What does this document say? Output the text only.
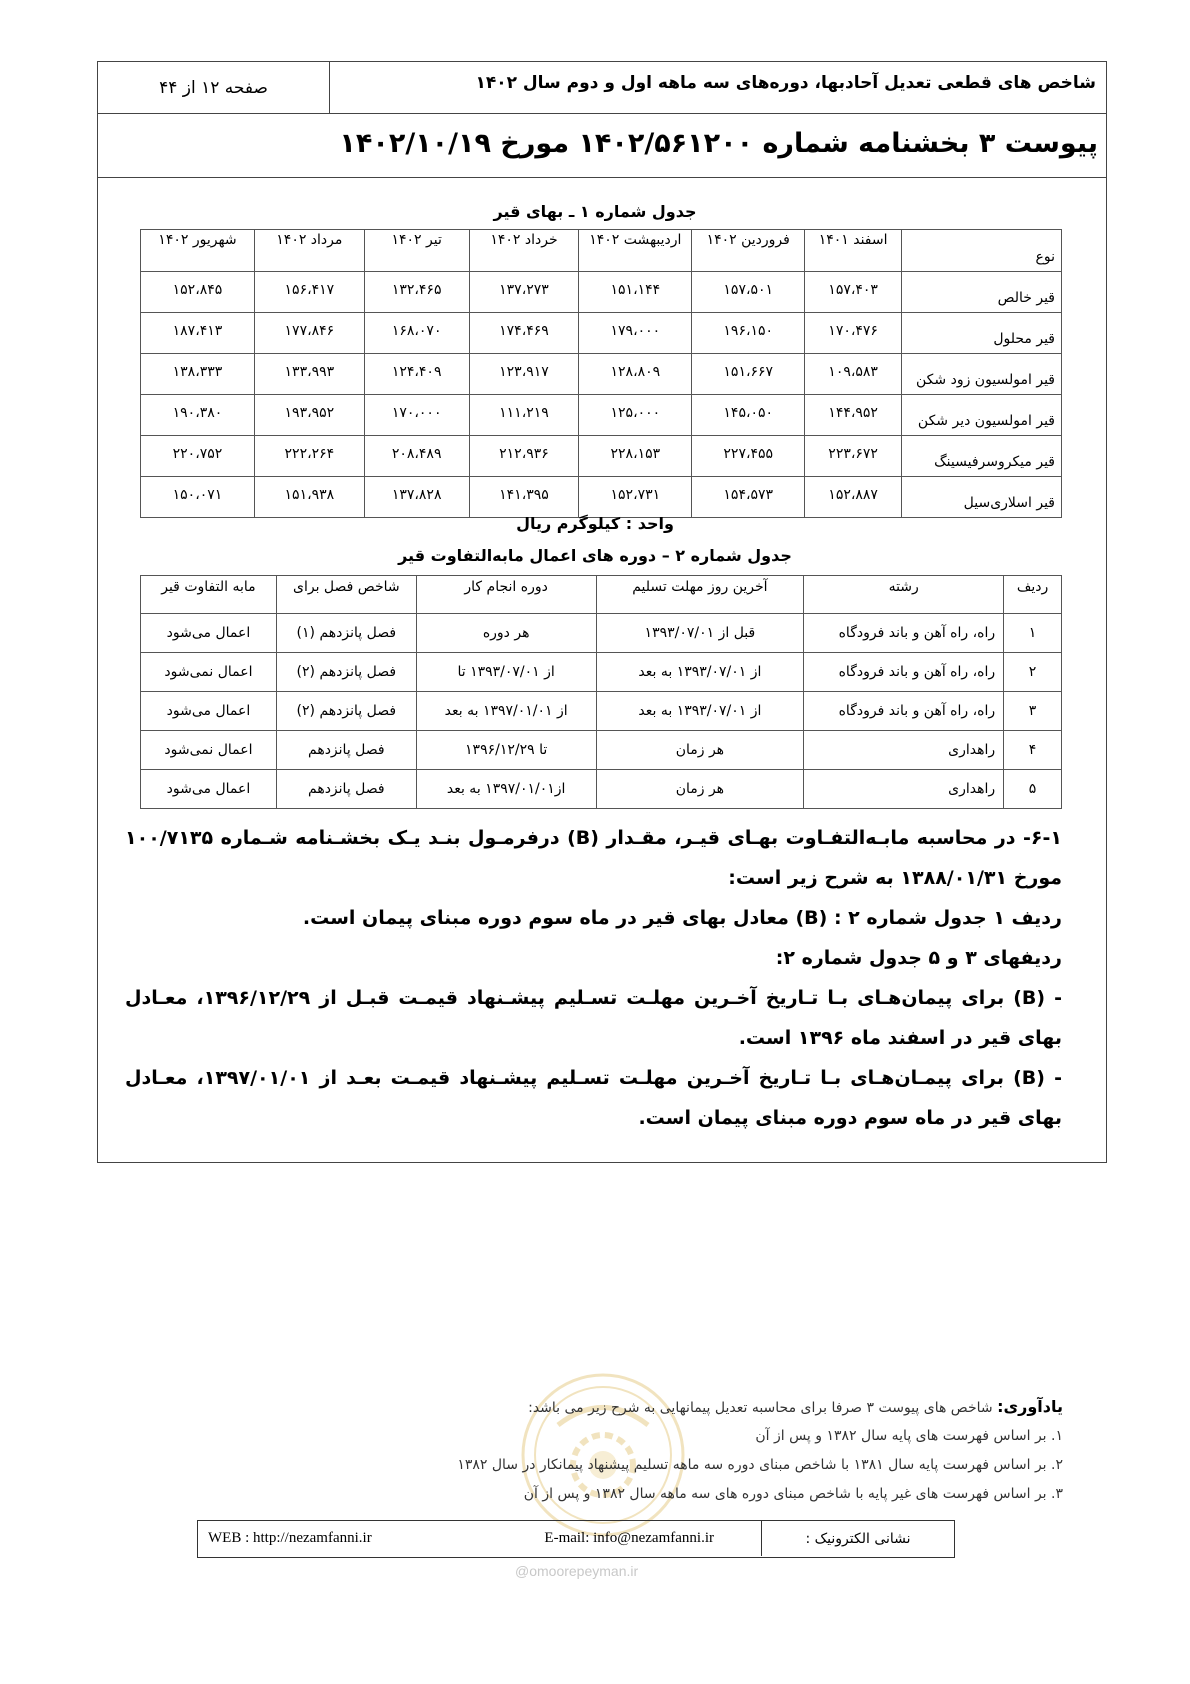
شاخص های قطعی تعدیل آحادبها، دوره‌های سه ماهه اول و دوم سال ۱۴۰۲
صفحه ۱۲ از ۴۴
پیوست ۳ بخشنامه شماره ۱۴۰۲/۵۶۱۲۰۰ مورخ ۱۴۰۲/۱۰/۱۹
جدول شماره ۱ ـ بهای قیر
نوع	اسفند ۱۴۰۱	فروردین ۱۴۰۲	اردیبهشت ۱۴۰۲	خرداد ۱۴۰۲	تیر ۱۴۰۲	مرداد ۱۴۰۲	شهریور ۱۴۰۲
قیر خالص	۱۵۷،۴۰۳	۱۵۷،۵۰۱	۱۵۱،۱۴۴	۱۳۷،۲۷۳	۱۳۲،۴۶۵	۱۵۶،۴۱۷	۱۵۲،۸۴۵
قیر محلول	۱۷۰،۴۷۶	۱۹۶،۱۵۰	۱۷۹،۰۰۰	۱۷۴،۴۶۹	۱۶۸،۰۷۰	۱۷۷،۸۴۶	۱۸۷،۴۱۳
قیر امولسیون زود شکن	۱۰۹،۵۸۳	۱۵۱،۶۶۷	۱۲۸،۸۰۹	۱۲۳،۹۱۷	۱۲۴،۴۰۹	۱۳۳،۹۹۳	۱۳۸،۳۳۳
قیر امولسیون دیر شکن	۱۴۴،۹۵۲	۱۴۵،۰۵۰	۱۲۵،۰۰۰	۱۱۱،۲۱۹	۱۷۰،۰۰۰	۱۹۳،۹۵۲	۱۹۰،۳۸۰
قیر میکروسرفیسینگ	۲۲۳،۶۷۲	۲۲۷،۴۵۵	۲۲۸،۱۵۳	۲۱۲،۹۳۶	۲۰۸،۴۸۹	۲۲۲،۲۶۴	۲۲۰،۷۵۲
قیر اسلاری‌سیل	۱۵۲،۸۸۷	۱۵۴،۵۷۳	۱۵۲،۷۳۱	۱۴۱،۳۹۵	۱۳۷،۸۲۸	۱۵۱،۹۳۸	۱۵۰،۰۷۱
واحد : کیلوگرم ریال
جدول شماره ۲ – دوره های اعمال مابه‌التفاوت قیر
ردیف	رشته	آخرین روز مهلت تسلیم	دوره انجام کار	شاخص فصل برای	مابه التفاوت قیر
۱	راه، راه آهن و باند فرودگاه	قبل از ۱۳۹۳/۰۷/۰۱	هر دوره	فصل پانزدهم (۱)	اعمال می‌شود
۲	راه، راه آهن و باند فرودگاه	از ۱۳۹۳/۰۷/۰۱ به بعد	از ۱۳۹۳/۰۷/۰۱ تا	فصل پانزدهم (۲)	اعمال نمی‌شود
۳	راه، راه آهن و باند فرودگاه	از ۱۳۹۳/۰۷/۰۱ به بعد	از ۱۳۹۷/۰۱/۰۱ به بعد	فصل پانزدهم (۲)	اعمال می‌شود
۴	راهداری	هر زمان	تا ۱۳۹۶/۱۲/۲۹	فصل پانزدهم	اعمال نمی‌شود
۵	راهداری	هر زمان	از۱۳۹۷/۰۱/۰۱ به بعد	فصل پانزدهم	اعمال می‌شود
۶-۱- در محاسبه مابـه‌التفـاوت بهـای قیـر، مقـدار (B) درفرمـول بنـد یـک بخشـنامه شـماره ۱۰۰/۷۱۳۵
مورخ ۱۳۸۸/۰۱/۳۱ به شرح زیر است:
ردیف ۱ جدول شماره ۲ : (B) معادل بهای قیر در ماه سوم دوره مبنای پیمان است.
ردیفهای ۳ و ۵ جدول شماره ۲:
- (B) برای پیمان‌هـای بـا تـاریخ آخـرین مهلـت تسـلیم پیشـنهاد قیمـت قبـل از ۱۳۹۶/۱۲/۲۹، معـادل
بهای قیر در اسفند ماه ۱۳۹۶ است.
- (B) برای پیمـان‌هـای بـا تـاریخ آخـرین مهلـت تسـلیم پیشـنهاد قیمـت بعـد از ۱۳۹۷/۰۱/۰۱، معـادل
بهای قیر در ماه سوم دوره مبنای پیمان است.
یادآوری: شاخص های پیوست ۳ صرفا برای محاسبه تعدیل پیمانهایی به شرح زیر می باشد:
۱. بر اساس فهرست های پایه سال ۱۳۸۲ و پس از آن
۲. بر اساس فهرست پایه سال ۱۳۸۱ با شاخص مبنای دوره سه ماهه تسلیم پیشنهاد پیمانکار در سال ۱۳۸۲
۳. بر اساس فهرست های غیر پایه با شاخص مبنای دوره های سه ماهه سال ۱۳۸۲ و پس از آن
نشانی الکترونیک :
E-mail: info@nezamfanni.ir
WEB : http://nezamfanni.ir
@omoorepeyman.ir
